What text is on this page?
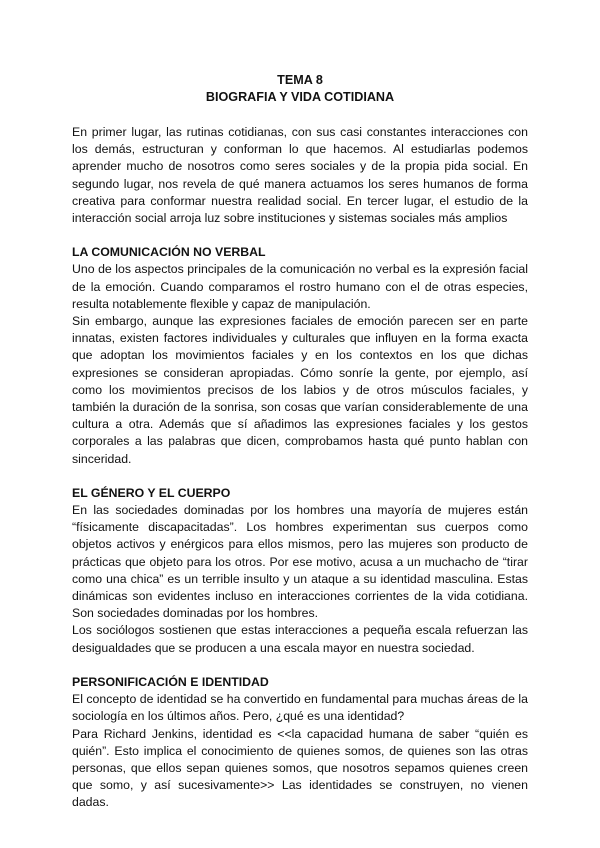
TEMA 8
BIOGRAFIA Y VIDA COTIDIANA

En primer lugar, las rutinas cotidianas, con sus casi constantes interacciones con los demás, estructuran y conforman lo que hacemos. Al estudiarlas podemos aprender mucho de nosotros como seres sociales y de la propia pida social. En segundo lugar, nos revela de qué manera actuamos los seres humanos de forma creativa para conformar nuestra realidad social. En tercer lugar, el estudio de la interacción social arroja luz sobre instituciones y sistemas sociales más amplios

LA COMUNICACIÓN NO VERBAL

Uno de los aspectos principales de la comunicación no verbal es la expresión facial de la emoción. Cuando comparamos el rostro humano con el de otras especies, resulta notablemente flexible y capaz de manipulación.

Sin embargo, aunque las expresiones faciales de emoción parecen ser en parte innatas, existen factores individuales y culturales que influyen en la forma exacta que adoptan los movimientos faciales y en los contextos en los que dichas expresiones se consideran apropiadas. Cómo sonríe la gente, por ejemplo, así como los movimientos precisos de los labios y de otros músculos faciales, y también la duración de la sonrisa, son cosas que varían considerablemente de una cultura a otra. Además que sí añadimos las expresiones faciales y los gestos corporales a las palabras que dicen, comprobamos hasta qué punto hablan con sinceridad.

EL GÉNERO Y EL CUERPO

En las sociedades dominadas por los hombres una mayoría de mujeres están “físicamente discapacitadas”. Los hombres experimentan sus cuerpos como objetos activos y enérgicos para ellos mismos, pero las mujeres son producto de prácticas que objeto para los otros. Por ese motivo, acusa a un muchacho de “tirar como una chica” es un terrible insulto y un ataque a su identidad masculina. Estas dinámicas son evidentes incluso en interacciones corrientes de la vida cotidiana. Son sociedades dominadas por los hombres.

Los sociólogos sostienen que estas interacciones a pequeña escala refuerzan las desigualdades que se producen a una escala mayor en nuestra sociedad.

PERSONIFICACIÓN E IDENTIDAD

El concepto de identidad se ha convertido en fundamental para muchas áreas de la sociología en los últimos años. Pero, ¿qué es una identidad?

Para Richard Jenkins, identidad es <<la capacidad humana de saber “quién es quién”. Esto implica el conocimiento de quienes somos, de quienes son las otras personas, que ellos sepan quienes somos, que nosotros sepamos quienes creen que somo, y así sucesivamente>> Las identidades se construyen, no vienen dadas.
